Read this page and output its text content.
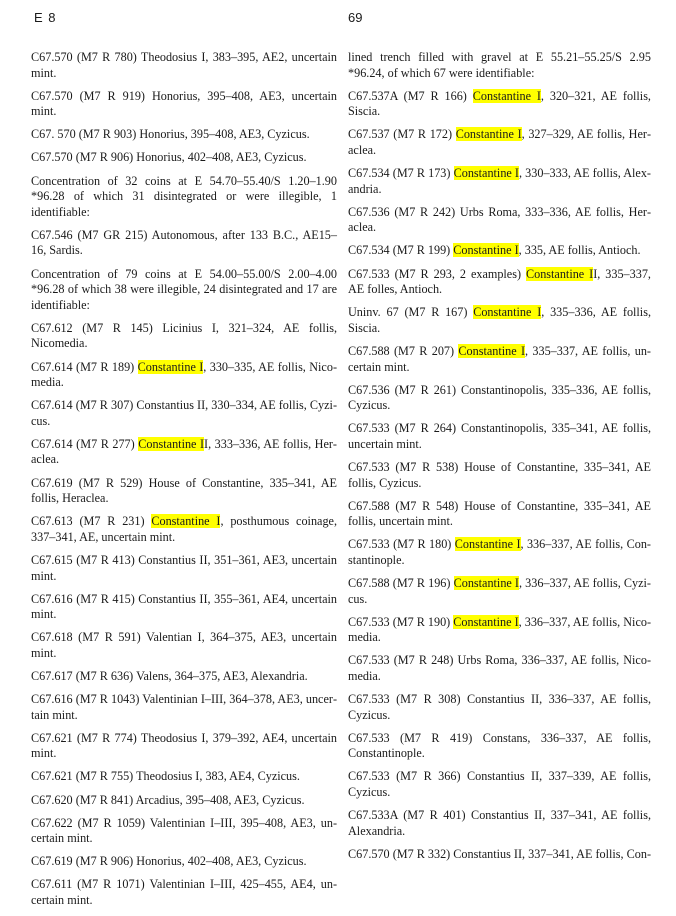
E 8	69

C67.570 (M7 R 780) Theodosius I, 383–395, AE2, uncertain mint.

C67.570 (M7 R 919) Honorius, 395–408, AE3, uncertain mint.

C67. 570 (M7 R 903) Honorius, 395–408, AE3, Cyzicus.

C67.570 (M7 R 906) Honorius, 402–408, AE3, Cyzicus.

Concentration of 32 coins at E 54.70–55.40/S 1.20–1.90 *96.28 of which 31 disintegrated or were illegible, 1 identifiable:

C67.546 (M7 GR 215) Autonomous, after 133 B.C., AE15–16, Sardis.

Concentration of 79 coins at E 54.00–55.00/S 2.00–4.00 *96.28 of which 38 were illegible, 24 disintegrated and 17 are identifiable:

C67.612 (M7 R 145) Licinius I, 321–324, AE follis, Nicomedia.

C67.614 (M7 R 189) Constantine I, 330–335, AE follis, Nicomedia.

C67.614 (M7 R 307) Constantius II, 330–334, AE follis, Cyzicus.

C67.614 (M7 R 277) Constantine II, 333–336, AE follis, Heraclea.

C67.619 (M7 R 529) House of Constantine, 335–341, AE follis, Heraclea.

C67.613 (M7 R 231) Constantine I, posthumous coinage, 337–341, AE, uncertain mint.

C67.615 (M7 R 413) Constantius II, 351–361, AE3, uncertain mint.

C67.616 (M7 R 415) Constantius II, 355–361, AE4, uncertain mint.

C67.618 (M7 R 591) Valentian I, 364–375, AE3, uncertain mint.

C67.617 (M7 R 636) Valens, 364–375, AE3, Alexandria.

C67.616 (M7 R 1043) Valentinian I–III, 364–378, AE3, uncertain mint.

C67.621 (M7 R 774) Theodosius I, 379–392, AE4, uncertain mint.

C67.621 (M7 R 755) Theodosius I, 383, AE4, Cyzicus.

C67.620 (M7 R 841) Arcadius, 395–408, AE3, Cyzicus.

C67.622 (M7 R 1059) Valentinian I–III, 395–408, AE3, uncertain mint.

C67.619 (M7 R 906) Honorius, 402–408, AE3, Cyzicus.

C67.611 (M7 R 1071) Valentinian I–III, 425–455, AE4, uncertain mint.

lined trench filled with gravel at E 55.21–55.25/S 2.95 *96.24, of which 67 were identifiable:

C67.537A (M7 R 166) Constantine I, 320–321, AE follis, Siscia.

C67.537 (M7 R 172) Constantine I, 327–329, AE follis, Heraclea.

C67.534 (M7 R 173) Constantine I, 330–333, AE follis, Alexandria.

C67.536 (M7 R 242) Urbs Roma, 333–336, AE follis, Heraclea.

C67.534 (M7 R 199) Constantine I, 335, AE follis, Antioch.

C67.533 (M7 R 293, 2 examples) Constantine II, 335–337, AE folles, Antioch.

Uninv. 67 (M7 R 167) Constantine I, 335–336, AE follis, Siscia.

C67.588 (M7 R 207) Constantine I, 335–337, AE follis, uncertain mint.

C67.536 (M7 R 261) Constantinopolis, 335–336, AE follis, Cyzicus.

C67.533 (M7 R 264) Constantinopolis, 335–341, AE follis, uncertain mint.

C67.533 (M7 R 538) House of Constantine, 335–341, AE follis, Cyzicus.

C67.588 (M7 R 548) House of Constantine, 335–341, AE follis, uncertain mint.

C67.533 (M7 R 180) Constantine I, 336–337, AE follis, Constantinople.

C67.588 (M7 R 196) Constantine I, 336–337, AE follis, Cyzicus.

C67.533 (M7 R 190) Constantine I, 336–337, AE follis, Nicomedia.

C67.533 (M7 R 248) Urbs Roma, 336–337, AE follis, Nicomedia.

C67.533 (M7 R 308) Constantius II, 336–337, AE follis, Cyzicus.

C67.533 (M7 R 419) Constans, 336–337, AE follis, Constantinople.

C67.533 (M7 R 366) Constantius II, 337–339, AE follis, Cyzicus.

C67.533A (M7 R 401) Constantius II, 337–341, AE follis, Alexandria.

C67.570 (M7 R 332) Constantius II, 337–341, AE follis, Con-
